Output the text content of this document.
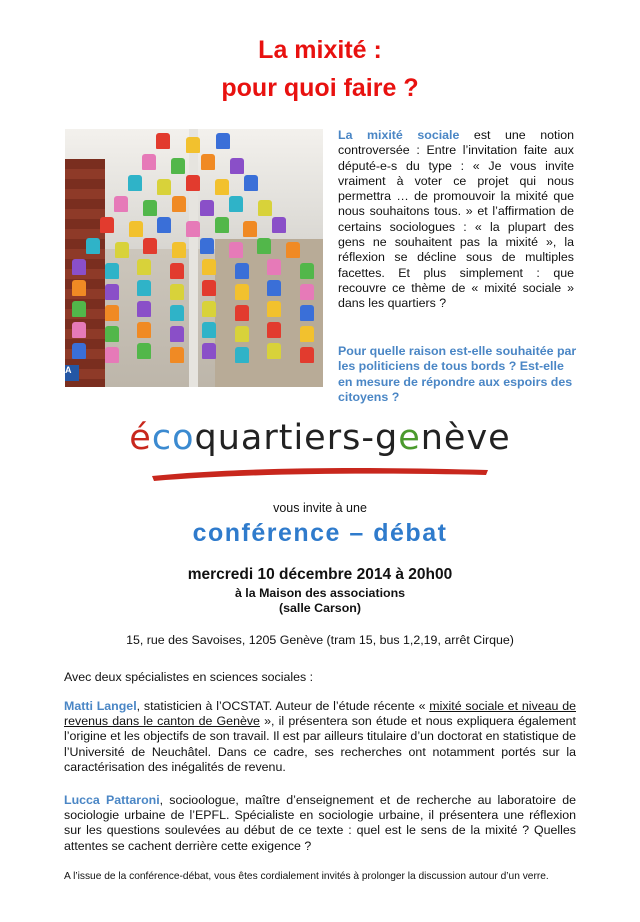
La mixité :
pour quoi faire ?
A
La mixité sociale est une notion controversée : Entre l’invitation faite aux député-e-s du type : « Je vous invite vraiment à voter ce projet qui nous permettra … de promouvoir la mixité que nous souhaitons tous. » et l’affirmation de certains sociologues : « la plupart des gens ne souhaitent pas la mixité », la réflexion se décline sous de multiples facettes. Et plus simplement : que recouvre ce thème de « mixité sociale » dans les quartiers ?
Pour quelle raison est-elle souhaitée par les politiciens de tous bords ? Est-elle en mesure de répondre aux espoirs des citoyens ?
écoquartiers-genève
vous invite à une
conférence – débat
mercredi 10 décembre 2014 à 20h00
à la Maison des associations
(salle Carson)
15, rue des Savoises, 1205 Genève (tram 15, bus 1,2,19, arrêt Cirque)
Avec deux spécialistes en sciences sociales :
Matti Langel, statisticien à l’OCSTAT. Auteur de l’étude récente « mixité sociale et niveau de revenus dans le canton de Genève », il présentera son étude et nous expliquera également l’origine et les objectifs de son travail. Il est par ailleurs titulaire d’un doctorat en statistique de l’Université de Neuchâtel. Dans ce cadre, ses recherches ont notamment portés sur la caractérisation des inégalités de revenu.
Lucca Pattaroni, socioologue, maître d’enseignement et de recherche au laboratoire de sociologie urbaine de l’EPFL. Spécialiste en sociologie urbaine, il présentera une réflexion sur les questions soulevées au début de ce texte : quel est le sens de la mixité ? Quelles attentes se cachent derrière cette exigence ?
A l’issue de la conférence-débat, vous êtes cordialement invités à prolonger la discussion autour d’un verre.
